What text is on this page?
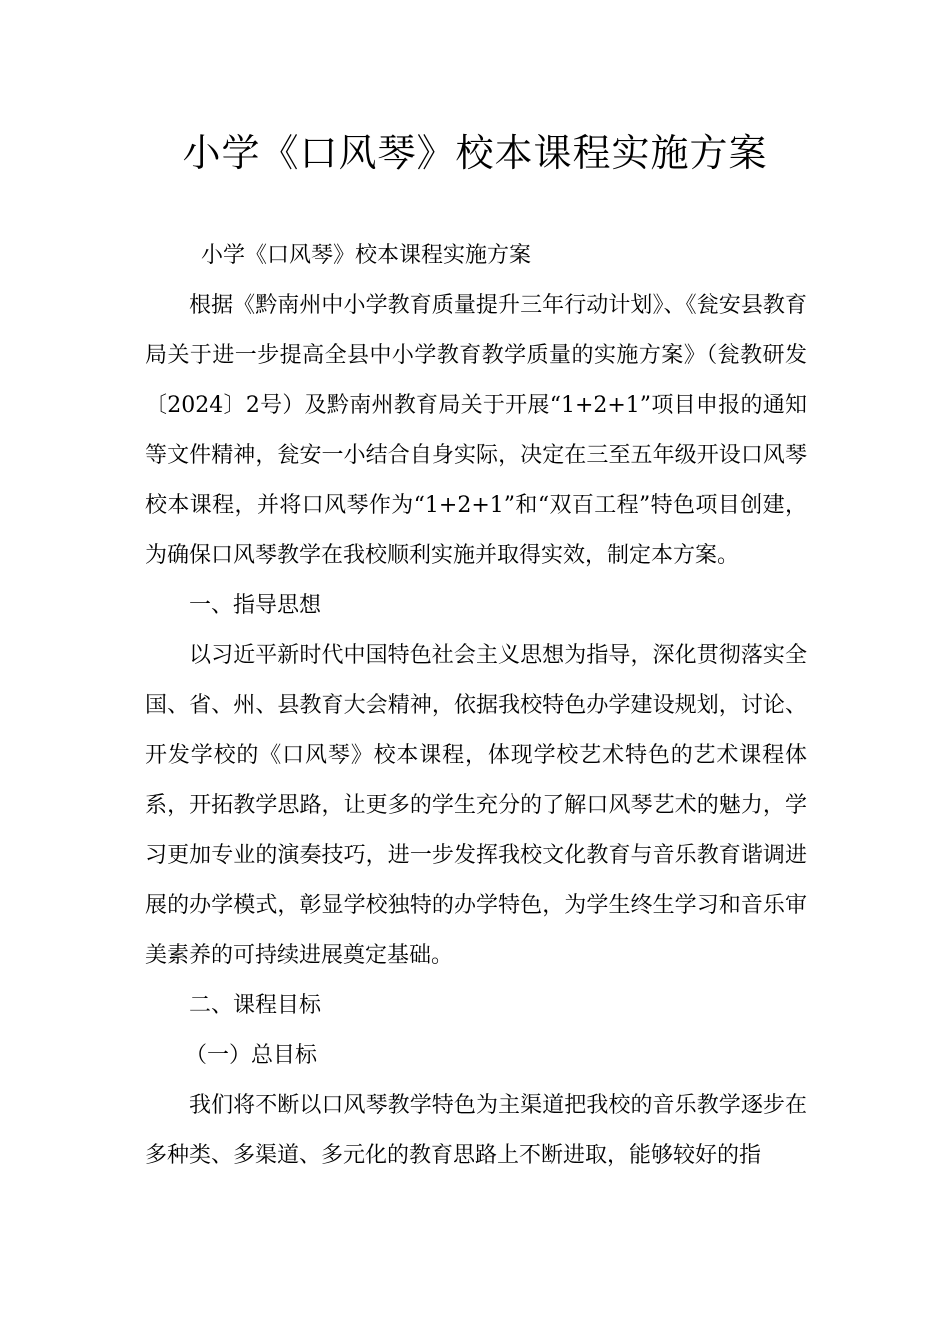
小学《口风琴》校本课程实施方案

小学《口风琴》校本课程实施方案

根据《黔南州中小学教育质量提升三年行动计划》、《瓮安县教育局关于进一步提高全县中小学教育教学质量的实施方案》（瓮教研发〔2024〕2号）及黔南州教育局关于开展“1+2+1”项目申报的通知等文件精神，瓮安一小结合自身实际，决定在三至五年级开设口风琴校本课程，并将口风琴作为“1+2+1”和“双百工程”特色项目创建，为确保口风琴教学在我校顺利实施并取得实效，制定本方案。

一、指导思想

以习近平新时代中国特色社会主义思想为指导，深化贯彻落实全国、省、州、县教育大会精神，依据我校特色办学建设规划，讨论、开发学校的《口风琴》校本课程，体现学校艺术特色的艺术课程体系，开拓教学思路，让更多的学生充分的了解口风琴艺术的魅力，学习更加专业的演奏技巧，进一步发挥我校文化教育与音乐教育谐调进展的办学模式，彰显学校独特的办学特色，为学生终生学习和音乐审美素养的可持续进展奠定基础。

二、课程目标

（一）总目标

我们将不断以口风琴教学特色为主渠道把我校的音乐教学逐步在多种类、多渠道、多元化的教育思路上不断进取，能够较好的指
